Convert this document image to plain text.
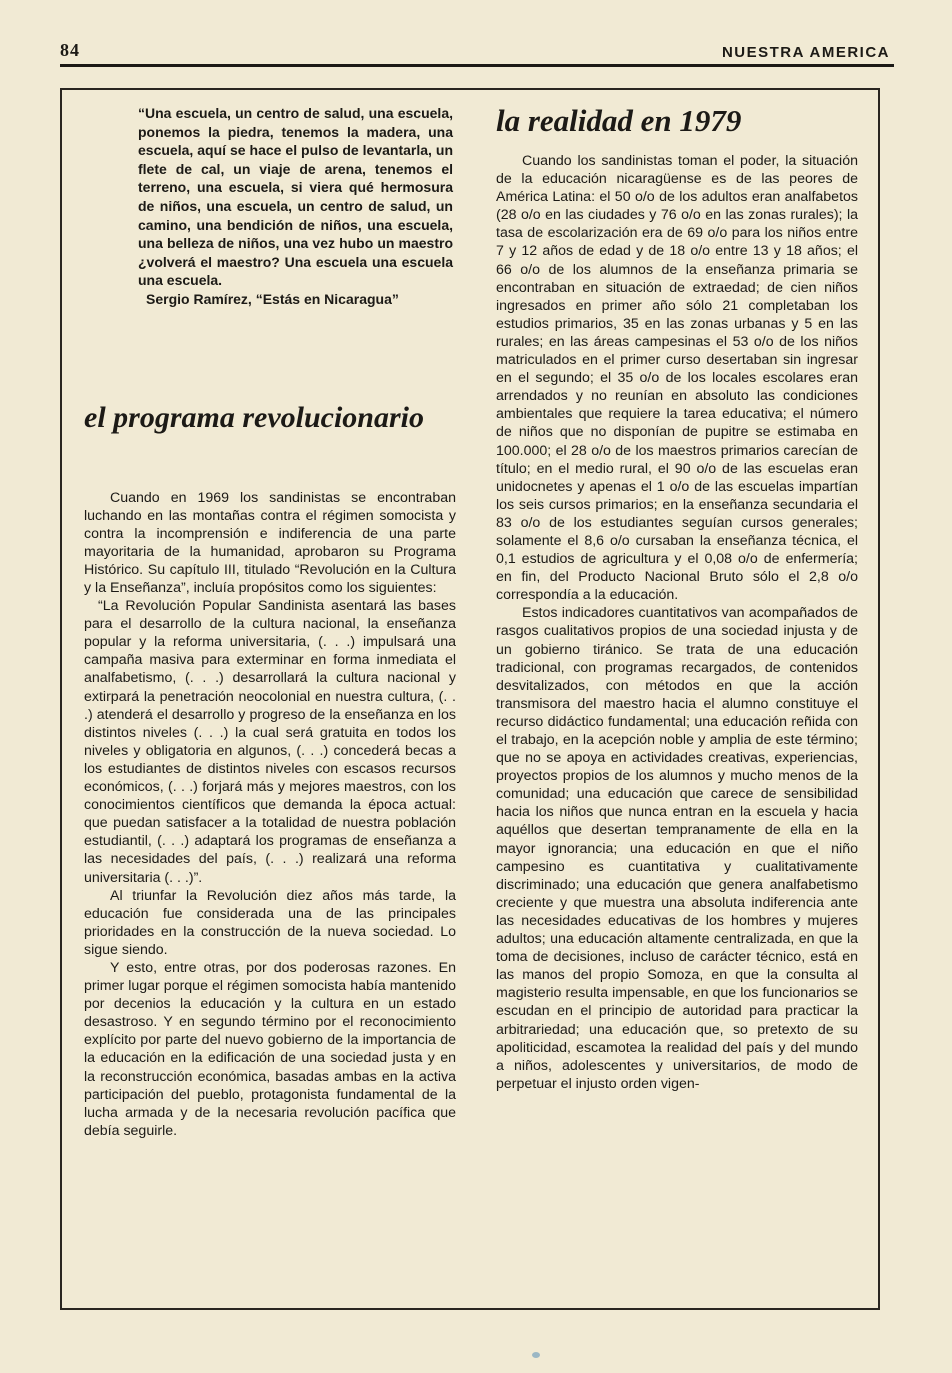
84	NUESTRA AMERICA

“Una escuela, un centro de salud, una escuela, ponemos la piedra, tenemos la madera, una escuela, aquí se hace el pulso de levantarla, un flete de cal, un viaje de arena, tenemos el terreno, una escuela, si viera qué hermosura de niños, una escuela, un centro de salud, un camino, una bendición de niños, una escuela, una belleza de niños, una vez hubo un maestro ¿volverá el maestro? Una escuela una escuela una escuela.

Sergio Ramírez, “Estás en Nicaragua”
el programa revolucionario

Cuando en 1969 los sandinistas se encontraban luchando en las montañas contra el régimen somocista y contra la incomprensión e indiferencia de una parte mayoritaria de la humanidad, aprobaron su Programa Histórico. Su capítulo III, titulado “Revolución en la Cultura y la Enseñanza”, incluía propósitos como los siguientes:

“La Revolución Popular Sandinista asentará las bases para el desarrollo de la cultura nacional, la enseñanza popular y la reforma universitaria, (. . .) impulsará una campaña masiva para exterminar en forma inmediata el analfabetismo, (. . .) desarrollará la cultura nacional y extirpará la penetración neocolonial en nuestra cultura, (. . .) atenderá el desarrollo y progreso de la enseñanza en los distintos niveles (. . .) la cual será gratuita en todos los niveles y obligatoria en algunos, (. . .) concederá becas a los estudiantes de distintos niveles con escasos recursos económicos, (. . .) forjará más y mejores maestros, con los conocimientos científicos que demanda la época actual: que puedan satisfacer a la totalidad de nuestra población estudiantil, (. . .) adaptará los programas de enseñanza a las necesidades del país, (. . .) realizará una reforma universitaria (. . .)”.

Al triunfar la Revolución diez años más tarde, la educación fue considerada una de las principales prioridades en la construcción de la nueva sociedad. Lo sigue siendo.

Y esto, entre otras, por dos poderosas razones. En primer lugar porque el régimen somocista había mantenido por decenios la educación y la cultura en un estado desastroso. Y en segundo término por el reconocimiento explícito por parte del nuevo gobierno de la importancia de la educación en la edificación de una sociedad justa y en la reconstrucción económica, basadas ambas en la activa participación del pueblo, protagonista fundamental de la lucha armada y de la necesaria revolución pacífica que debía seguirle.

la realidad en 1979

Cuando los sandinistas toman el poder, la situación de la educación nicaragüense es de las peores de América Latina: el 50 o/o de los adultos eran analfabetos (28 o/o en las ciudades y 76 o/o en las zonas rurales); la tasa de escolarización era de 69 o/o para los niños entre 7 y 12 años de edad y de 18 o/o entre 13 y 18 años; el 66 o/o de los alumnos de la enseñanza primaria se encontraban en situación de extraedad; de cien niños ingresados en primer año sólo 21 completaban los estudios primarios, 35 en las zonas urbanas y 5 en las rurales; en las áreas campesinas el 53 o/o de los niños matriculados en el primer curso desertaban sin ingresar en el segundo; el 35 o/o de los locales escolares eran arrendados y no reunían en absoluto las condiciones ambientales que requiere la tarea educativa; el número de niños que no disponían de pupitre se estimaba en 100.000; el 28 o/o de los maestros primarios carecían de título; en el medio rural, el 90 o/o de las escuelas eran unidocnetes y apenas el 1 o/o de las escuelas impartían los seis cursos primarios; en la enseñanza secundaria el 83 o/o de los estudiantes seguían cursos generales; solamente el 8,6 o/o cursaban la enseñanza técnica, el 0,1 estudios de agricultura y el 0,08 o/o de enfermería; en fin, del Producto Nacional Bruto sólo el 2,8 o/o correspondía a la educación.

Estos indicadores cuantitativos van acompañados de rasgos cualitativos propios de una sociedad injusta y de un gobierno tiránico. Se trata de una educación tradicional, con programas recargados, de contenidos desvitalizados, con métodos en que la acción transmisora del maestro hacia el alumno constituye el recurso didáctico fundamental; una educación reñida con el trabajo, en la acepción noble y amplia de este término; que no se apoya en actividades creativas, experiencias, proyectos propios de los alumnos y mucho menos de la comunidad; una educación que carece de sensibilidad hacia los niños que nunca entran en la escuela y hacia aquéllos que desertan tempranamente de ella en la mayor ignorancia; una educación en que el niño campesino es cuantitativa y cualitativamente discriminado; una educación que genera analfabetismo creciente y que muestra una absoluta indiferencia ante las necesidades educativas de los hombres y mujeres adultos; una educación altamente centralizada, en que la toma de decisiones, incluso de carácter técnico, está en las manos del propio Somoza, en que la consulta al magisterio resulta impensable, en que los funcionarios se escudan en el principio de autoridad para practicar la arbitrariedad; una educación que, so pretexto de su apoliticidad, escamotea la realidad del país y del mundo a niños, adolescentes y universitarios, de modo de perpetuar el injusto orden vigen-
